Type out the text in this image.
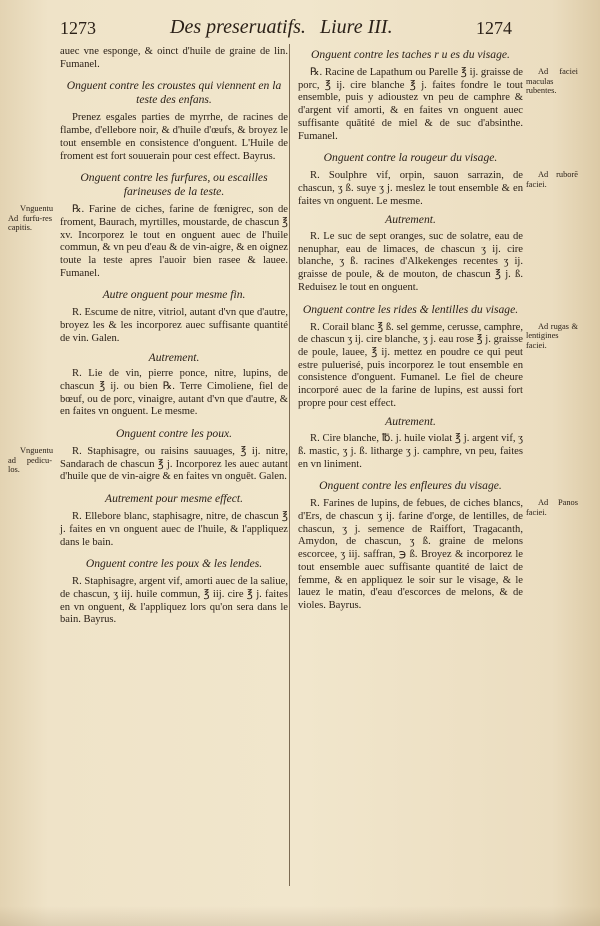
1273	Des preseruatifs. Liure III.	1274

auec vne esponge, & oinct d'huile de graine de lin. Fumanel.

Onguent contre les croustes qui viennent en la teste des enfans.

Prenez esgales parties de myrrhe, de racines de flambe, d'ellebore noir, & d'huile d'œufs, & broyez le tout ensemble en consistence d'onguent. L'Huile de froment est fort souuerain pour cest effect. Bayrus.

Onguent contre les furfures, ou escailles farineuses de la teste.

Vnguentu Ad furfu-res capitis.
℞. Farine de ciches, farine de fœnigrec, son de froment, Baurach, myrtilles, moustarde, de chascun ℥ xv. Incorporez le tout en onguent auec de l'huile commun, & vn peu d'eau & de vin-aigre, & en oignez toute la teste apres l'auoir bien rasee & lauee. Fumanel.

Autre onguent pour mesme fin.

R. Escume de nitre, vitriol, autant d'vn que d'autre, broyez les & les incorporez auec suffisante quantité de vin. Galen.

Autrement.

R. Lie de vin, pierre ponce, nitre, lupins, de chascun ℥ ij. ou bien ℞. Terre Cimoliene, fiel de bœuf, ou de porc, vinaigre, autant d'vn que d'autre, & en faites vn onguent. Le mesme.

Onguent contre les poux.

Vnguentu ad pedicu-los.
R. Staphisagre, ou raisins sauuages, ℥ ij. nitre, Sandarach de chascun ℥ j. Incorporez les auec autant d'huile que de vin-aigre & en faites vn onguēt. Galen.

Autrement pour mesme effect.

R. Ellebore blanc, staphisagre, nitre, de chascun ℥ j. faites en vn onguent auec de l'huile, & l'appliquez dans le bain.

Onguent contre les poux & les lendes.

R. Staphisagre, argent vif, amorti auec de la saliue, de chascun, ʒ iij. huile commun, ℥ iij. cire ℥ j. faites en vn onguent, & l'appliquez lors qu'on sera dans le bain. Bayrus.

Onguent contre les taches r u es du visage.

Ad faciei maculas rubentes.
℞. Racine de Lapathum ou Parelle ℥ ij. graisse de porc, ℥ ij. cire blanche ℥ j. faites fondre le tout ensemble, puis y adioustez vn peu de camphre & d'argent vif amorti, & en faites vn onguent auec suffisante quātité de miel & de suc d'absinthe. Fumanel.

Onguent contre la rougeur du visage.

Ad ruborē faciei.
R. Soulphre vif, orpin, sauon sarrazin, de chascun, ʒ ß. suye ʒ j. meslez le tout ensemble & en faites vn onguent. Le mesme.

Autrement.

R. Le suc de sept oranges, suc de solatre, eau de nenuphar, eau de limaces, de chascun ʒ ij. cire blanche, ʒ ß. racines d'Alkekenges recentes ʒ ij. graisse de poule, & de mouton, de chascun ℥ j. ß. Reduisez le tout en onguent.

Onguent contre les rides & lentilles du visage.

Ad rugas & lentigines faciei.
R. Corail blanc ℥ ß. sel gemme, cerusse, camphre, de chascun ʒ ij. cire blanche, ʒ j. eau rose ℥ j. graisse de poule, lauee, ℥ ij. mettez en poudre ce qui peut estre puluerisé, puis incorporez le tout ensemble en consistence d'onguent. Fumanel. Le fiel de cheure incorporé auec de la farine de lupins, est aussi fort propre pour cest effect.

Autrement.

R. Cire blanche, ℔. j. huile violat ℥ j. argent vif, ʒ ß. mastic, ʒ j. ß. litharge ʒ j. camphre, vn peu, faites en vn liniment.

Onguent contre les enfleures du visage.

Ad Panos faciei.
R. Farines de lupins, de febues, de ciches blancs, d'Ers, de chascun ʒ ij. farine d'orge, de lentilles, de chascun, ʒ j. semence de Raiffort, Tragacanth, Amydon, de chascun, ʒ ß. graine de melons escorcee, ʒ iij. saffran, ℈ ß. Broyez & incorporez le tout ensemble auec suffisante quantité de laict de femme, & en appliquez le soir sur le visage, & le lauez le matin, d'eau d'escorces de melons, & de violes. Bayrus.
